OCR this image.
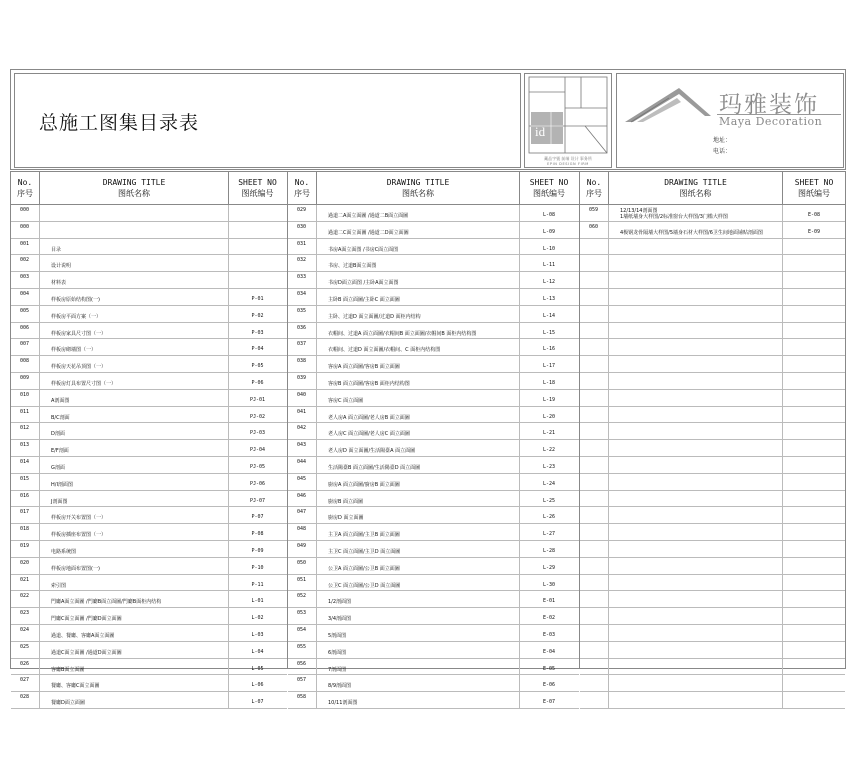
总施工图集目录表	id
藏品字號 前端 设计 事务所
EPIN DESIGN FIRM
玛雅装饰
Maya Decoration
地址：
电话：
No.
序号
DRAWING TITLE
图纸名称
SHEET NO
图纸编号
000
000
001
目录
002
设计说明
003
材料表
004
样板房原始结构图(一)	P-01
005
样板房平面方案（一）	P-02
006
样板房家具尺寸图（一）	P-03
007
样板房砌墙图（一）	P-04
008
样板房天花吊顶图（一）	P-05
009
样板房灯具布置尺寸图（一）	P-06
010
A剖面图	PJ-01
011
B/C剖面	PJ-02
012
D剖面	PJ-03
013
E/F剖面	PJ-04
014
G剖面	PJ-05
015
H/I剖面图	PJ-06
016
J剖面图	PJ-07
017
样板房开关布置图（一）	P-07
018
样板房插座布置图（一）	P-08
019
电路系统图	P-09
020
样板房地面布置图(一)	P-10
021
索引图	P-11
022
門廳A面立面圖 /門廳B面立面圖/門廳B面柜内结构	L-01
023
門廳C面立面圖 /門廳D面立面圖	L-02
024
過道、餐廳、客廳A面立面圖	L-03
025
過道C面立面圖 /過道D面立面圖	L-04
026
客廳B面立面圖	L-05
027
餐廳、客廳C面立面圖	L-06
028
餐廳D面立面圖	L-07
No.
序号
DRAWING TITLE
图纸名称
SHEET NO
图纸编号
029
過道二A面立面圖 /過道二B面立面圖	L-08
030
過道二C面立面圖 /過道二D面立面圖	L-09
031
书房A面立面图 /书房C面立面图	L-10
032
书房、过道B面立面图	L-11
033
书房D面立面图 /主卧A面立面图	L-12
034
主卧B 面立面圖/主卧C 面立面圖	L-13
035
主卧、过道D 面立面圖/过道D 面柜内结构	L-14
036
衣帽间、过道A 面立面圖/衣帽间B 面立面圖/衣帽间B 面柜内结构图	L-15
037
衣帽间、过道D 面立面圖/衣帽间、C 面柜内结构图	L-16
038
客房A 面立面圖/客房B 面立面圖	L-17
039
客房B 面立面圖/客房B 面柜内结构图	L-18
040
客房C 面立面圖	L-19
041
老人房A 面立面圖/老人房B 面立面圖	L-20
042
老人房C 面立面圖/老人房C 面立面圖	L-21
043
老人房D 面立面圖/生活陽臺A 面立面圖	L-22
044
生活陽臺B 面立面圖/生活陽臺D 面立面圖	L-23
045
廚房A 面立面圖/廚房B 面立面圖	L-24
046
廚房B 面立面圖	L-25
047
廚房D 面立面圖	L-26
048
主卫A 面立面圖/主卫B 面立面圖	L-27
049
主卫C 面立面圖/主卫D 面立面圖	L-28
050
公卫A 面立面圖/公卫B 面立面圖	L-29
051
公卫C 面立面圖/公卫D 面立面圖	L-30
052
1/2剖面图	E-01
053
3/4剖面图	E-02
054
5剖面图	E-03
055
6剖面图	E-04
056
7剖面图	E-05
057
8/9剖面图	E-06
058
10/11剖面图	E-07
No.
序号
DRAWING TITLE
图纸名称
SHEET NO
图纸编号
059	12/13/14剖面图
1墙纸墙身大样图/2标准窗台大样图/3门槛大样图	E-08
060
4极钢龙骨隔墙大样图/5墙身石材大样图/6卫生间地面铺贴剖面图	E-09
